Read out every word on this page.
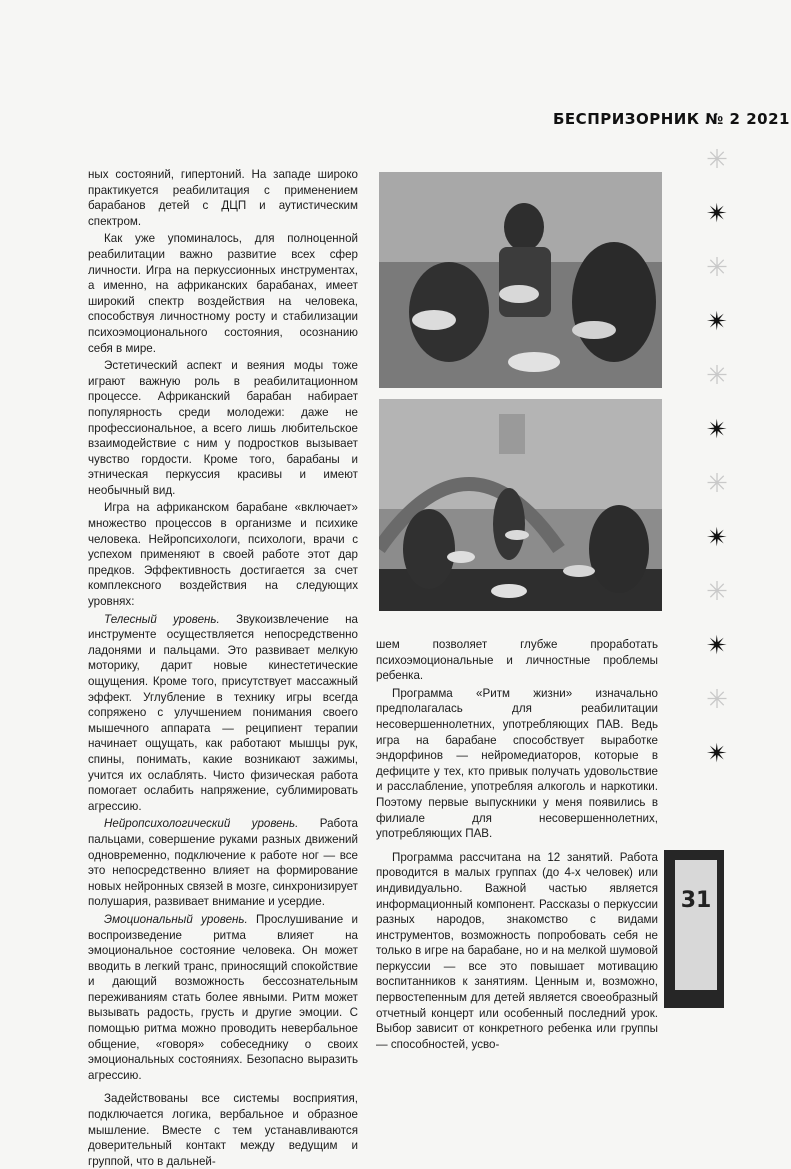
БЕСПРИЗОРНИК № 2 2021
✳
✴
✳
✴
✳
✴
✳
✴
✳
✴
✳
✴

ных состояний, гипертоний. На западе широко практикуется реабилитация с применением барабанов детей с ДЦП и аутистическим спектром.

Как уже упоминалось, для полноценной реабилитации важно развитие всех сфер личности. Игра на перкуссионных инструментах, а именно, на африканских барабанах, имеет широкий спектр воздействия на человека, способствуя личностному росту и стабилизации психоэмоционального состояния, осознанию себя в мире.

Эстетический аспект и веяния моды тоже играют важную роль в реабилитационном процессе. Африканский барабан набирает популярность среди молодежи: даже не профессиональное, а всего лишь любительское взаимодействие с ним у подростков вызывает чувство гордости. Кроме того, барабаны и этническая перкуссия красивы и имеют необычный вид.

Игра на африканском барабане «включает» множество процессов в организме и психике человека. Нейропсихологи, психологи, врачи с успехом применяют в своей работе этот дар предков. Эффективность достигается за счет комплексного воздействия на следующих уровнях:

Телесный уровень. Звукоизвлечение на инструменте осуществляется непосредственно ладонями и пальцами. Это развивает мелкую моторику, дарит новые кинестетические ощущения. Кроме того, присутствует массажный эффект. Углубление в технику игры всегда сопряжено с улучшением понимания своего мышечного аппарата — реципиент терапии начинает ощущать, как работают мышцы рук, спины, понимать, какие возникают зажимы, учится их ослаблять. Чисто физическая работа помогает ослабить напряжение, сублимировать агрессию.

Нейропсихологический уровень. Работа пальцами, совершение руками разных движений одновременно, подключение к работе ног — все это непосредственно влияет на формирование новых нейронных связей в мозге, синхронизирует полушария, развивает внимание и усердие.

Эмоциональный уровень. Прослушивание и воспроизведение ритма влияет на эмоциональное состояние человека. Он может вводить в легкий транс, приносящий спокойствие и дающий возможность бессознательным переживаниям стать более явными. Ритм может вызывать радость, грусть и другие эмоции. С помощью ритма можно проводить невербальное общение, «говоря» собеседнику о своих эмоциональных состояниях. Безопасно выразить агрессию.

Задействованы все системы восприятия, подключается логика, вербальное и образное мышление. Вместе с тем устанавливаются доверительный контакт между ведущим и группой, что в дальней-

шем позволяет глубже проработать психоэмоциональные и личностные проблемы ребенка.

Программа «Ритм жизни» изначально предполагалась для реабилитации несовершеннолетних, употребляющих ПАВ. Ведь игра на барабане способствует выработке эндорфинов — нейромедиаторов, которые в дефиците у тех, кто привык получать удовольствие и расслабление, употребляя алкоголь и наркотики. Поэтому первые выпускники у меня появились в филиале для несовершеннолетних, употребляющих ПАВ.

Программа рассчитана на 12 занятий. Работа проводится в малых группах (до 4-х человек) или индивидуально. Важной частью является информационный компонент. Рассказы о перкуссии разных народов, знакомство с видами инструментов, возможность попробовать себя не только в игре на барабане, но и на мелкой шумовой перкуссии — все это повышает мотивацию воспитанников к занятиям. Ценным и, возможно, первостепенным для детей является своеобразный отчетный концерт или особенный последний урок. Выбор зависит от конкретного ребенка или группы — способностей, усво-

31
